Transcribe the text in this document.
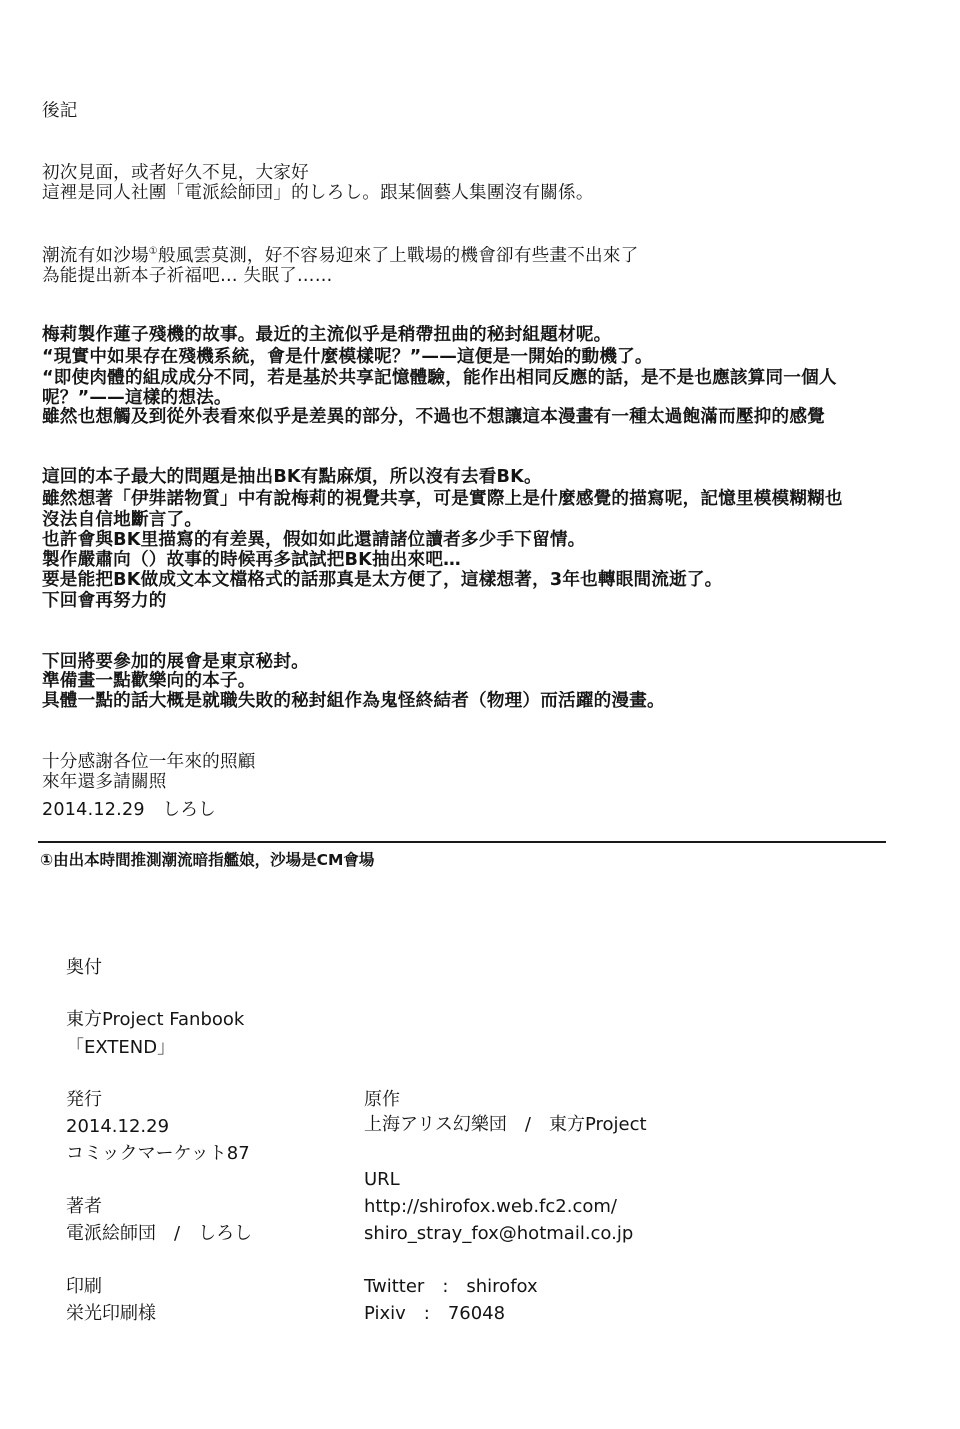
後記
初次見面，或者好久不見，大家好
這裡是同人社團「電派絵師団」的しろし。跟某個藝人集團沒有關係。
潮流有如沙場①般風雲莫測，好不容易迎來了上戰場的機會卻有些畫不出來了
為能提出新本子祈福吧… 失眠了……
梅莉製作蓮子殘機的故事。最近的主流似乎是稍帶扭曲的秘封組題材呢。
“現實中如果存在殘機系統，會是什麼模樣呢？”——這便是一開始的動機了。
“即使肉體的組成成分不同，若是基於共享記憶體驗，能作出相同反應的話，是不是也應該算同一個人
呢？”——這樣的想法。
雖然也想觸及到從外表看來似乎是差異的部分，不過也不想讓這本漫畫有一種太過飽滿而壓抑的感覺
這回的本子最大的問題是抽出BK有點麻煩，所以沒有去看BK。
雖然想著「伊弉諾物質」中有說梅莉的視覺共享，可是實際上是什麼感覺的描寫呢，記憶里模模糊糊也
沒法自信地斷言了。
也許會與BK里描寫的有差異，假如如此還請諸位讀者多少手下留情。
製作嚴肅向（）故事的時候再多試試把BK抽出來吧…
要是能把BK做成文本文檔格式的話那真是太方便了，這樣想著，3年也轉眼間流逝了。
下回會再努力的
下回將要參加的展會是東京秘封。
準備畫一點歡樂向的本子。
具體一點的話大概是就職失敗的秘封組作為鬼怪終結者（物理）而活躍的漫畫。
十分感謝各位一年來的照顧
來年還多請關照
2014.12.29　しろし
①由出本時間推測潮流暗指艦娘，沙場是CM會場
奥付
東方Project Fanbook
「EXTEND」
発行
2014.12.29
コミックマーケット87
著者
電派絵師団　/　しろし
印刷
栄光印刷様
原作
上海アリス幻樂団　/　東方Project
URL
http://shirofox.web.fc2.com/
shiro_stray_fox@hotmail.co.jp
Twitter　:　shirofox
Pixiv　:　76048
